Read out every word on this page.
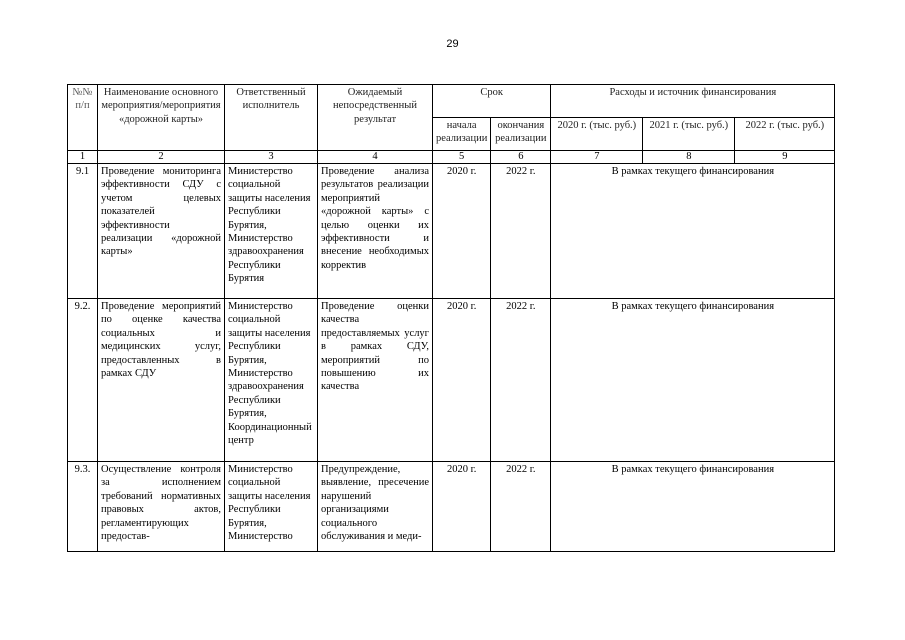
29
№№ п/п	Наименование основного мероприятия/мероприятия «дорожной карты»	Ответственный исполнитель	Ожидаемый непосредственный результат	Срок		Расходы и источник финансирования		
				начала реализации	окончания реализации	2020 г. (тыс. руб.)	2021 г. (тыс. руб.)	2022 г. (тыс. руб.)
1	2	3	4	5	6	7	8	9
9.1	Проведение мониторинга эффективности СДУ с учетом целевых показателей эффективности реализации «дорожной карты»	Министерство социальной защиты населения Республики Бурятия, Министерство здравоохранения Республики Бурятия	Проведение анализа результатов реализации мероприятий «дорожной карты» с целью оценки их эффективности и внесение необходимых корректив	2020 г.	2022 г.	В рамках текущего финансирования		
9.2.	Проведение мероприятий по оценке качества социальных и медицинских услуг, предоставленных в рамках СДУ	Министерство социальной защиты населения Республики Бурятия, Министерство здравоохранения Республики Бурятия, Координационный центр	Проведение оценки качества предоставляемых услуг в рамках СДУ, мероприятий по повышению их качества	2020 г.	2022 г.	В рамках текущего финансирования		
9.3.	Осуществление контроля за исполнением требований нормативных правовых актов, регламентирующих предостав-	Министерство социальной защиты населения Республики Бурятия, Министерство	Предупреждение, выявление, пресечение нарушений организациями социального обслуживания и меди-	2020 г.	2022 г.	В рамках текущего финансирования		
